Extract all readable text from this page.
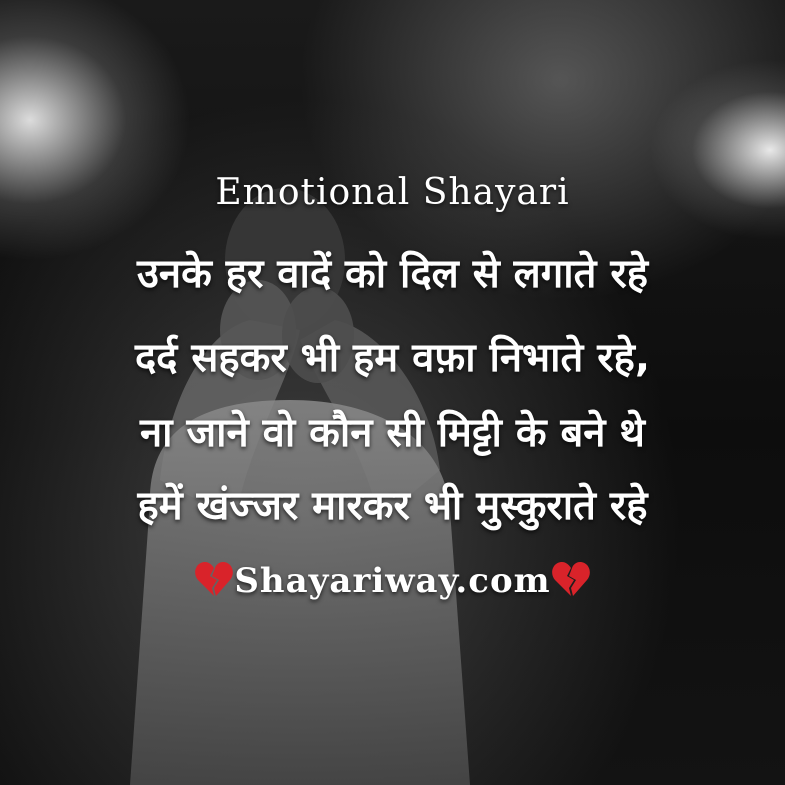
Emotional Shayari
उनके हर वादें को दिल से लगाते रहे
दर्द सहकर भी हम वफ़ा निभाते रहे,
ना जाने वो कौन सी मिट्टी के बने थे
हमें खंज्जर मारकर भी मुस्कुराते रहे
Shayariway.com
